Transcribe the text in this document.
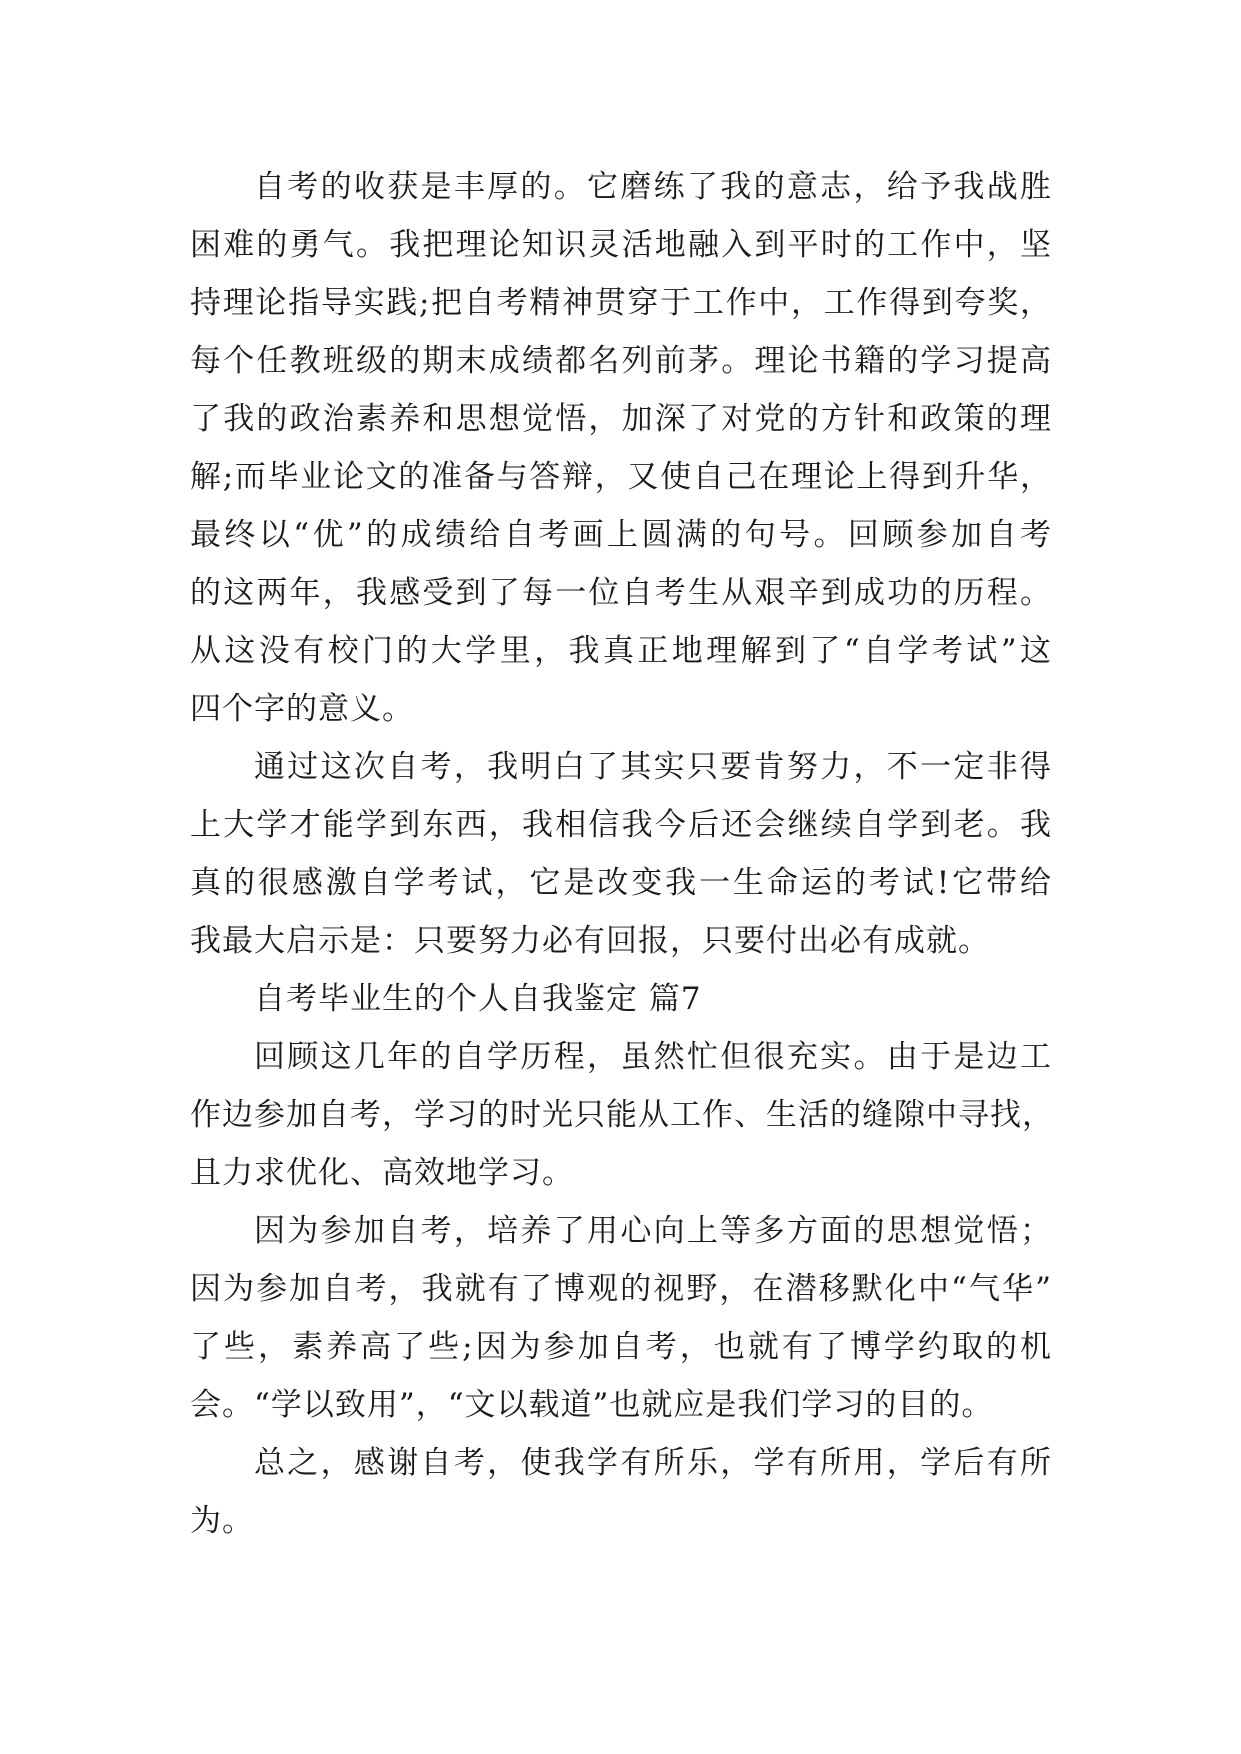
自考的收获是丰厚的。它磨练了我的意志，给予我战胜
困难的勇气。我把理论知识灵活地融入到平时的工作中，坚
持理论指导实践;把自考精神贯穿于工作中，工作得到夸奖，
每个任教班级的期末成绩都名列前茅。理论书籍的学习提高
了我的政治素养和思想觉悟，加深了对党的方针和政策的理
解;而毕业论文的准备与答辩，又使自己在理论上得到升华，
最终以“优”的成绩给自考画上圆满的句号。回顾参加自考
的这两年，我感受到了每一位自考生从艰辛到成功的历程。
从这没有校门的大学里，我真正地理解到了“自学考试”这
四个字的意义。
通过这次自考，我明白了其实只要肯努力，不一定非得
上大学才能学到东西，我相信我今后还会继续自学到老。我
真的很感激自学考试，它是改变我一生命运的考试!它带给
我最大启示是：只要努力必有回报，只要付出必有成就。
自考毕业生的个人自我鉴定 篇7
回顾这几年的自学历程，虽然忙但很充实。由于是边工
作边参加自考，学习的时光只能从工作、生活的缝隙中寻找，
且力求优化、高效地学习。
因为参加自考，培养了用心向上等多方面的思想觉悟；
因为参加自考，我就有了博观的视野，在潜移默化中“气华”
了些，素养高了些;因为参加自考，也就有了博学约取的机
会。“学以致用”，“文以载道”也就应是我们学习的目的。
总之，感谢自考，使我学有所乐，学有所用，学后有所
为。
